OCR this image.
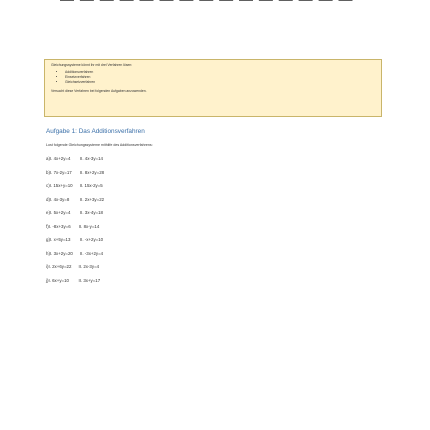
Gleichungssysteme könnt ihr mit drei Verfahren lösen:

• Additionsverfahren
• Einsetzverfahren
• Gleichsetzverfahren

Versucht diese Verfahren bei folgenden Aufgaben anzuwenden.

Aufgabe 1: Das Additionsverfahren
Lost folgende Gleichungssysteme mithilfe des Additionsverfahrens:
a) I. 4x+2y=4	II. 4x-3y=14
b) I. 7x-2y=17	II. 8x+2y=28
c) I. 15x+y=10 II. 15x-2y=5
d) I. 4x-3y=8	II. 2x+3y=22
e) I. 5x+2y=4	II. 3x-4y=18
f) I. -8x+3y=6	II. 8x-y=14
g) I. x+5y=13	II. -x+2y=10
h) I. 3x+2y=20 II. -3x+2y=4
i) I. 2x+6y=22 II. 2x-3y=4
j) I. 6x+y=10	II. 3x+y=17
